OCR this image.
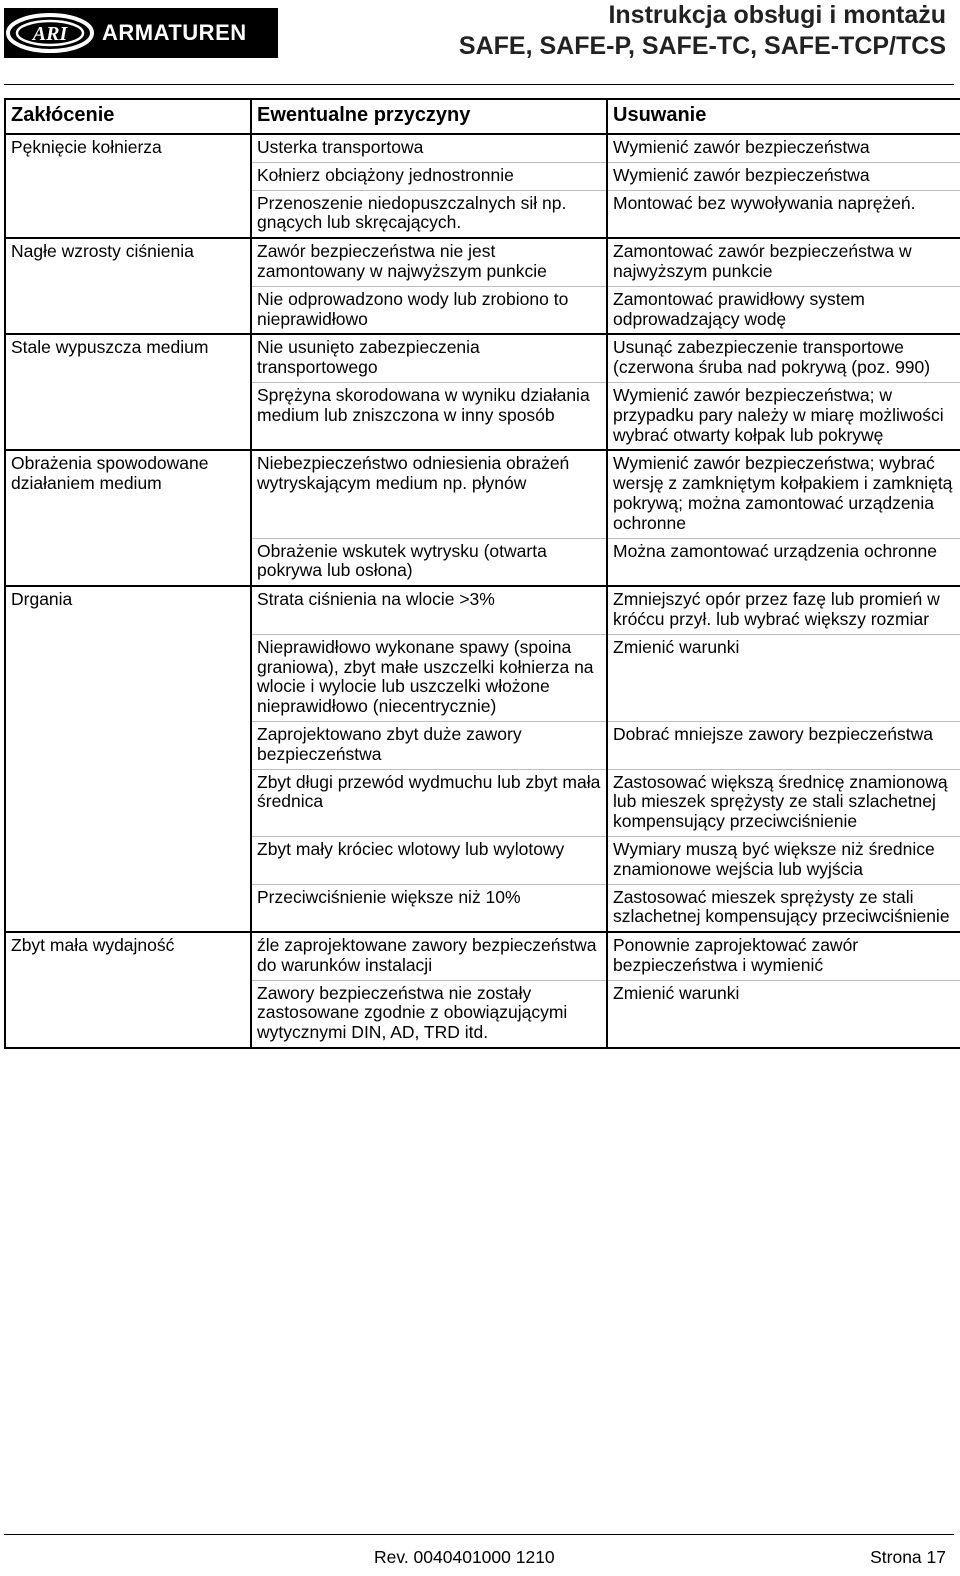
ARI ARMATUREN
Instrukcja obsługi i montażu
SAFE, SAFE-P, SAFE-TC, SAFE-TCP/TCS
Zakłócenie	Ewentualne przyczyny	Usuwanie
Pęknięcie kołnierza	Usterka transportowa	Wymienić zawór bezpieczeństwa
	Kołnierz obciążony jednostronnie	Wymienić zawór bezpieczeństwa
	Przenoszenie niedopuszczalnych sił np. gnących lub skręcających.	Montować bez wywoływania naprężeń.
Nagłe wzrosty ciśnienia	Zawór bezpieczeństwa nie jest zamontowany w najwyższym punkcie	Zamontować zawór bezpieczeństwa w najwyższym punkcie
	Nie odprowadzono wody lub zrobiono to nieprawidłowo	Zamontować prawidłowy system odprowadzający wodę
Stale wypuszcza medium	Nie usunięto zabezpieczenia transportowego	Usunąć zabezpieczenie transportowe (czerwona śruba nad pokrywą (poz. 990)
	Sprężyna skorodowana w wyniku działania medium lub zniszczona w inny sposób	Wymienić zawór bezpieczeństwa; w przypadku pary należy w miarę możliwości wybrać otwarty kołpak lub pokrywę
Obrażenia spowodowane działaniem medium	Niebezpieczeństwo odniesienia obrażeń wytryskającym medium np. płynów	Wymienić zawór bezpieczeństwa; wybrać wersję z zamkniętym kołpakiem i zamkniętą pokrywą; można zamontować urządzenia ochronne
	Obrażenie wskutek wytrysku (otwarta pokrywa lub osłona)	Można zamontować urządzenia ochronne
Drgania	Strata ciśnienia na wlocie >3%	Zmniejszyć opór przez fazę lub promień w króćcu przył. lub wybrać większy rozmiar
	Nieprawidłowo wykonane spawy (spoina graniowa), zbyt małe uszczelki kołnierza na wlocie i wylocie lub uszczelki włożone nieprawidłowo (niecentrycznie)	Zmienić warunki
	Zaprojektowano zbyt duże zawory bezpieczeństwa	Dobrać mniejsze zawory bezpieczeństwa
	Zbyt długi przewód wydmuchu lub zbyt mała średnica	Zastosować większą średnicę znamionową lub mieszek sprężysty ze stali szlachetnej kompensujący przeciwciśnienie
	Zbyt mały króciec wlotowy lub wylotowy	Wymiary muszą być większe niż średnice znamionowe wejścia lub wyjścia
	Przeciwciśnienie większe niż 10%	Zastosować mieszek sprężysty ze stali szlachetnej kompensujący przeciwciśnienie
Zbyt mała wydajność	źle zaprojektowane zawory bezpieczeństwa do warunków instalacji	Ponownie zaprojektować zawór bezpieczeństwa i wymienić
	Zawory bezpieczeństwa nie zostały zastosowane zgodnie z obowiązującymi wytycznymi DIN, AD, TRD itd.	Zmienić warunki
Rev. 0040401000 1210	Strona 17
